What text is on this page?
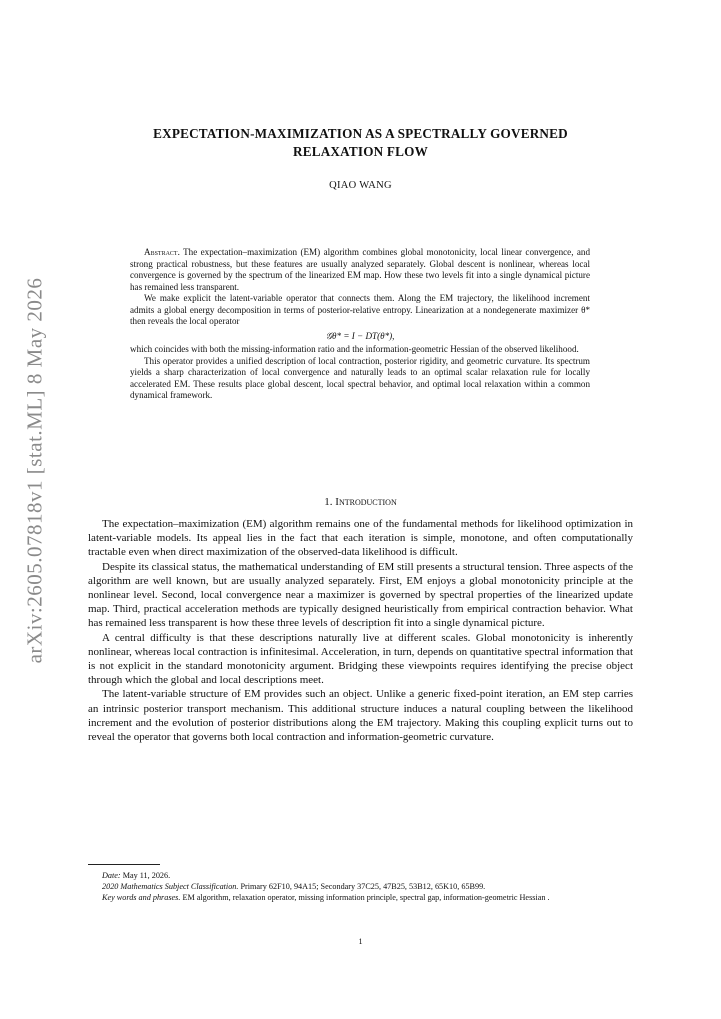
arXiv:2605.07818v1 [stat.ML] 8 May 2026
EXPECTATION-MAXIMIZATION AS A SPECTRALLY GOVERNED
RELAXATION FLOW
QIAO WANG

Abstract. The expectation–maximization (EM) algorithm combines global monotonicity, local linear convergence, and strong practical robustness, but these features are usually analyzed separately. Global descent is nonlinear, whereas local convergence is governed by the spectrum of the linearized EM map. How these two levels fit into a single dynamical picture has remained less transparent.

We make explicit the latent-variable operator that connects them. Along the EM trajectory, the likelihood increment admits a global energy decomposition in terms of posterior-relative entropy. Linearization at a nondegenerate maximizer θ* then reveals the local operator

𝒢θ* = I − DT(θ*),

which coincides with both the missing-information ratio and the information-geometric Hessian of the observed likelihood.

This operator provides a unified description of local contraction, posterior rigidity, and geometric curvature. Its spectrum yields a sharp characterization of local convergence and naturally leads to an optimal scalar relaxation rule for locally accelerated EM. These results place global descent, local spectral behavior, and optimal local relaxation within a common dynamical framework.

1. Introduction

The expectation–maximization (EM) algorithm remains one of the fundamental methods for likelihood optimization in latent-variable models. Its appeal lies in the fact that each iteration is simple, monotone, and often computationally tractable even when direct maximization of the observed-data likelihood is difficult.

Despite its classical status, the mathematical understanding of EM still presents a structural tension. Three aspects of the algorithm are well known, but are usually analyzed separately. First, EM enjoys a global monotonicity principle at the nonlinear level. Second, local convergence near a maximizer is governed by spectral properties of the linearized update map. Third, practical acceleration methods are typically designed heuristically from empirical contraction behavior. What has remained less transparent is how these three levels of description fit into a single dynamical picture.

A central difficulty is that these descriptions naturally live at different scales. Global monotonicity is inherently nonlinear, whereas local contraction is infinitesimal. Acceleration, in turn, depends on quantitative spectral information that is not explicit in the standard monotonicity argument. Bridging these viewpoints requires identifying the precise object through which the global and local descriptions meet.

The latent-variable structure of EM provides such an object. Unlike a generic fixed-point iteration, an EM step carries an intrinsic posterior transport mechanism. This additional structure induces a natural coupling between the likelihood increment and the evolution of posterior distributions along the EM trajectory. Making this coupling explicit turns out to reveal the operator that governs both local contraction and information-geometric curvature.

Date: May 11, 2026.

2020 Mathematics Subject Classification. Primary 62F10, 94A15; Secondary 37C25, 47B25, 53B12, 65K10, 65B99.

Key words and phrases. EM algorithm, relaxation operator, missing information principle, spectral gap, information-geometric Hessian .

1
